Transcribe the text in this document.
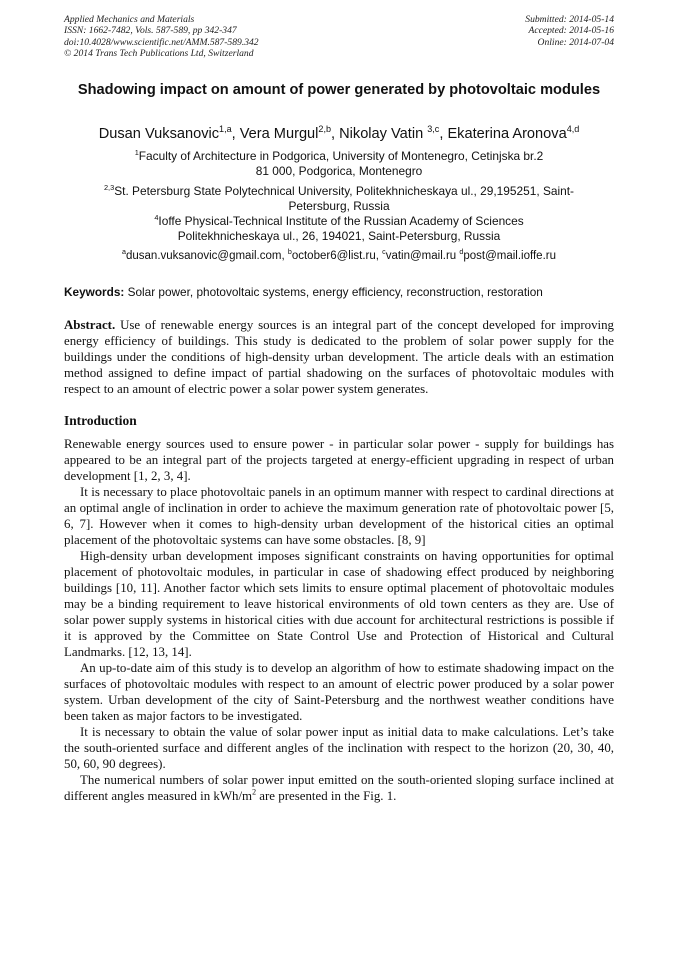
Applied Mechanics and Materials
ISSN: 1662-7482, Vols. 587-589, pp 342-347
doi:10.4028/www.scientific.net/AMM.587-589.342
© 2014 Trans Tech Publications Ltd, Switzerland
Submitted: 2014-05-14
Accepted: 2014-05-16
Online: 2014-07-04
Shadowing impact on amount of power generated by photovoltaic modules
Dusan Vuksanovic$^{1,a}$, Vera Murgul$^{2,b}$, Nikolay Vatin $^{3,c}$, Ekaterina Aronova$^{4,d}$
$^1$Faculty of Architecture in Podgorica, University of Montenegro, Cetinjska br.2
81 000, Podgorica, Montenegro
$^{2,3}$St. Petersburg State Polytechnical University, Politekhnicheskaya ul., 29,195251, Saint-
Petersburg, Russia
$^4$Ioffe Physical-Technical Institute of the Russian Academy of Sciences
Politekhnicheskaya ul., 26, 194021, Saint-Petersburg, Russia
$^a$dusan.vuksanovic@gmail.com, $^b$october6@list.ru, $^c$vatin@mail.ru $^d$post@mail.ioffe.ru
Keywords: Solar power, photovoltaic systems, energy efficiency, reconstruction, restoration
Abstract. Use of renewable energy sources is an integral part of the concept developed for improving energy efficiency of buildings. This study is dedicated to the problem of solar power supply for the buildings under the conditions of high-density urban development. The article deals with an estimation method assigned to define impact of partial shadowing on the surfaces of photovoltaic modules with respect to an amount of electric power a solar power system generates.
Introduction

Renewable energy sources used to ensure power - in particular solar power - supply for buildings has appeared to be an integral part of the projects targeted at energy-efficient upgrading in respect of urban development [1, 2, 3, 4].

It is necessary to place photovoltaic panels in an optimum manner with respect to cardinal directions at an optimal angle of inclination in order to achieve the maximum generation rate of photovoltaic power [5, 6, 7]. However when it comes to high-density urban development of the historical cities an optimal placement of the photovoltaic systems can have some obstacles. [8, 9]

High-density urban development imposes significant constraints on having opportunities for optimal placement of photovoltaic modules, in particular in case of shadowing effect produced by neighboring buildings [10, 11]. Another factor which sets limits to ensure optimal placement of photovoltaic modules may be a binding requirement to leave historical environments of old town centers as they are. Use of solar power supply systems in historical cities with due account for architectural restrictions is possible if it is approved by the Committee on State Control Use and Protection of Historical and Cultural Landmarks. [12, 13, 14].

An up-to-date aim of this study is to develop an algorithm of how to estimate shadowing impact on the surfaces of photovoltaic modules with respect to an amount of electric power produced by a solar power system. Urban development of the city of Saint-Petersburg and the northwest weather conditions have been taken as major factors to be investigated.

It is necessary to obtain the value of solar power input as initial data to make calculations. Let’s take the south-oriented surface and different angles of the inclination with respect to the horizon (20, 30, 40, 50, 60, 90 degrees).

The numerical numbers of solar power input emitted on the south-oriented sloping surface inclined at different angles measured in kWh/$m^2$ are presented in the Fig. 1.
